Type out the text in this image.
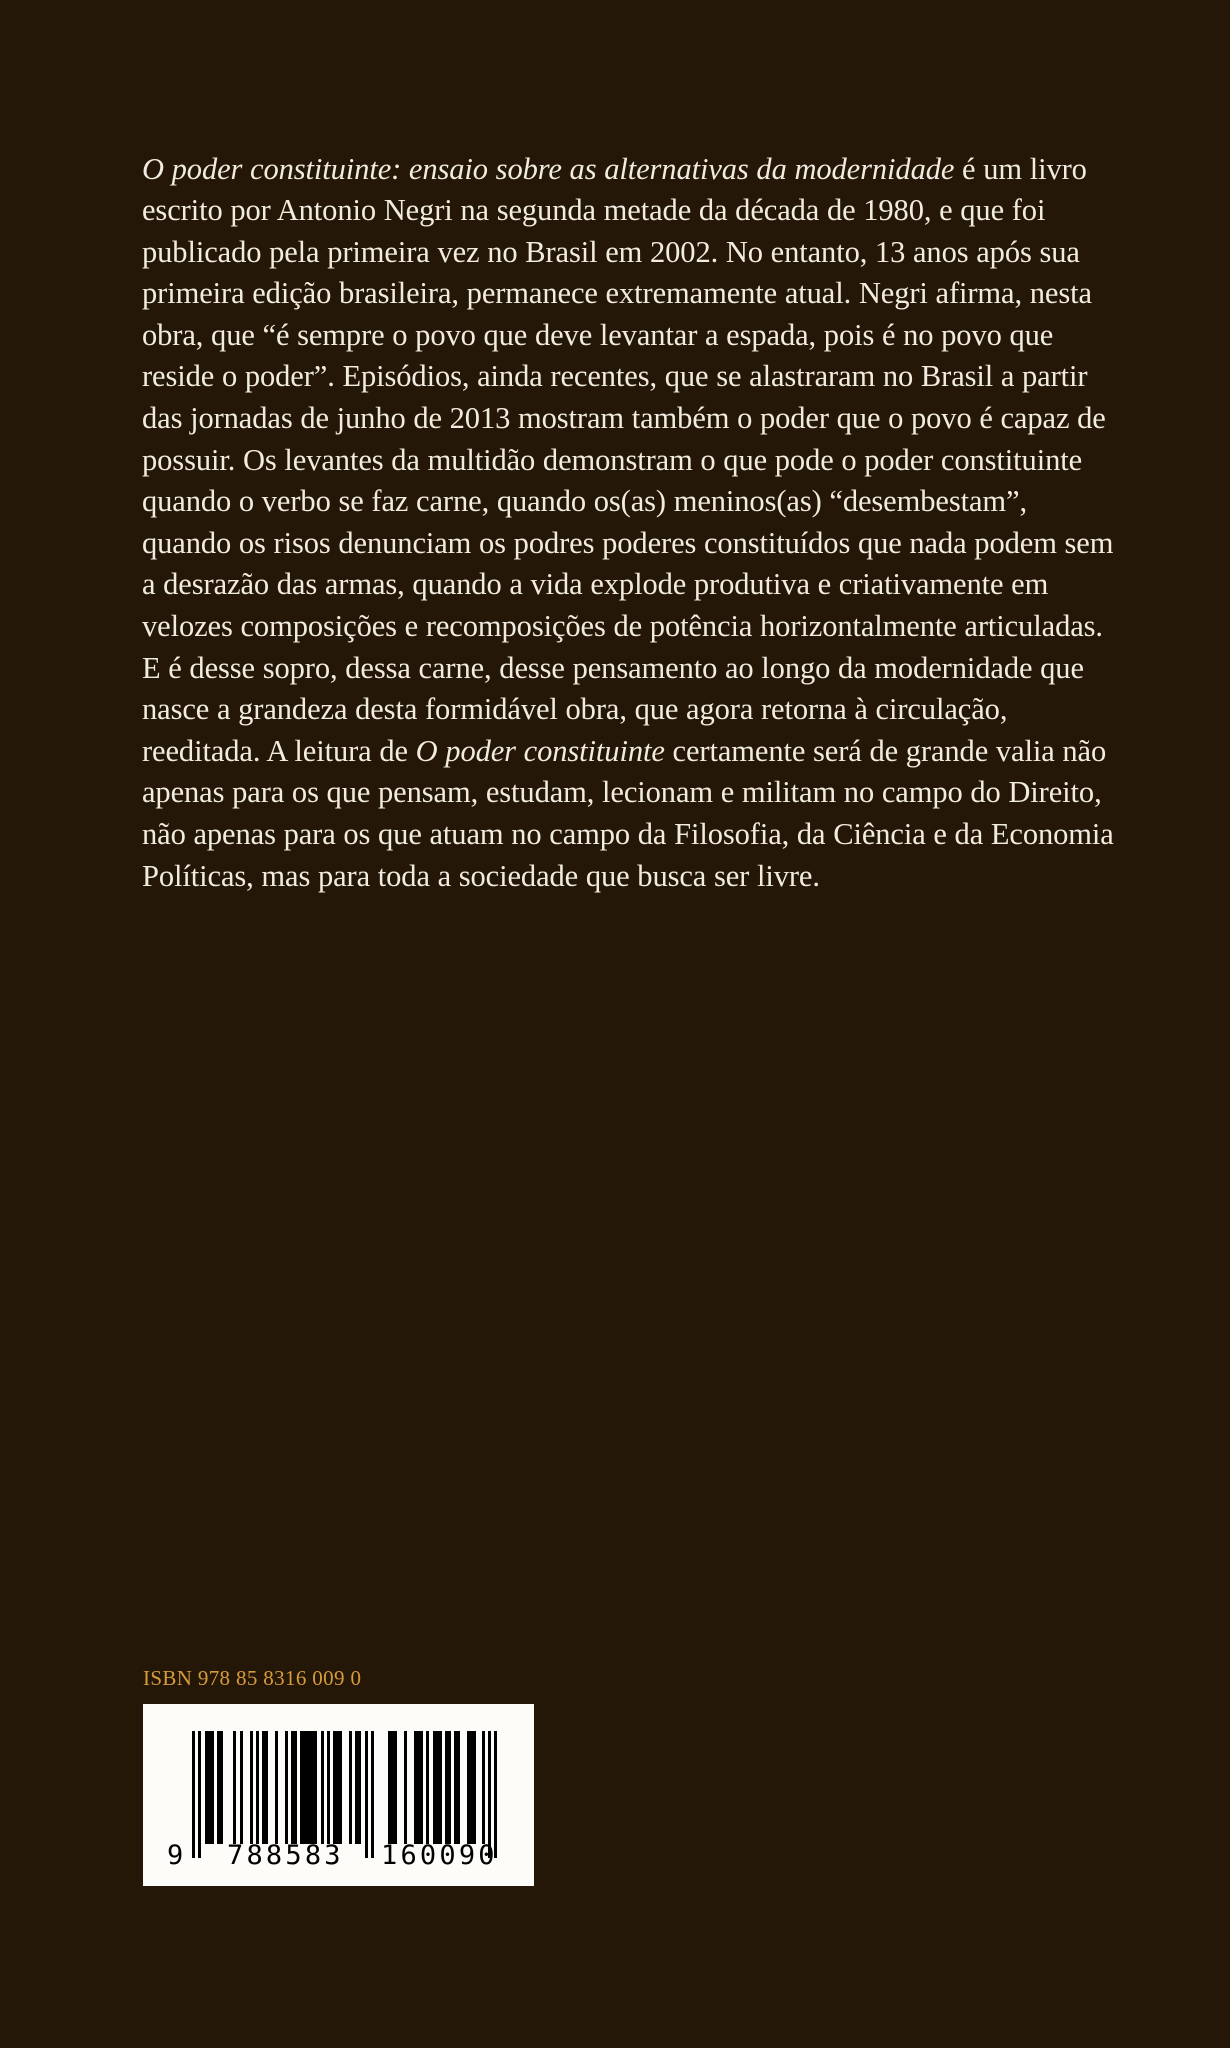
O poder constituinte: ensaio sobre as alternativas da modernidade é um livro escrito por Antonio Negri na segunda metade da década de 1980, e que foi publicado pela primeira vez no Brasil em 2002. No entanto, 13 anos após sua primeira edição brasileira, permanece extremamente atual. Negri afirma, nesta obra, que “é sempre o povo que deve levantar a espada, pois é no povo que reside o poder”. Episódios, ainda recentes, que se alastraram no Brasil a partir das jornadas de junho de 2013 mostram também o poder que o povo é capaz de possuir. Os levantes da multidão demonstram o que pode o poder constituinte quando o verbo se faz carne, quando os(as) meninos(as) “desembestam”, quando os risos denunciam os podres poderes constituídos que nada podem sem a desrazão das armas, quando a vida explode produtiva e criativamente em velozes composições e recomposições de potência horizontalmente articuladas. E é desse sopro, dessa carne, desse pensamento ao longo da modernidade que nasce a grandeza desta formidável obra, que agora retorna à circulação, reeditada. A leitura de O poder constituinte certamente será de grande valia não apenas para os que pensam, estudam, lecionam e militam no campo do Direito, não apenas para os que atuam no campo da Filosofia, da Ciência e da Economia Políticas, mas para toda a sociedade que busca ser livre.

ISBN 978 85 8316 009 0
9 788583 160090
